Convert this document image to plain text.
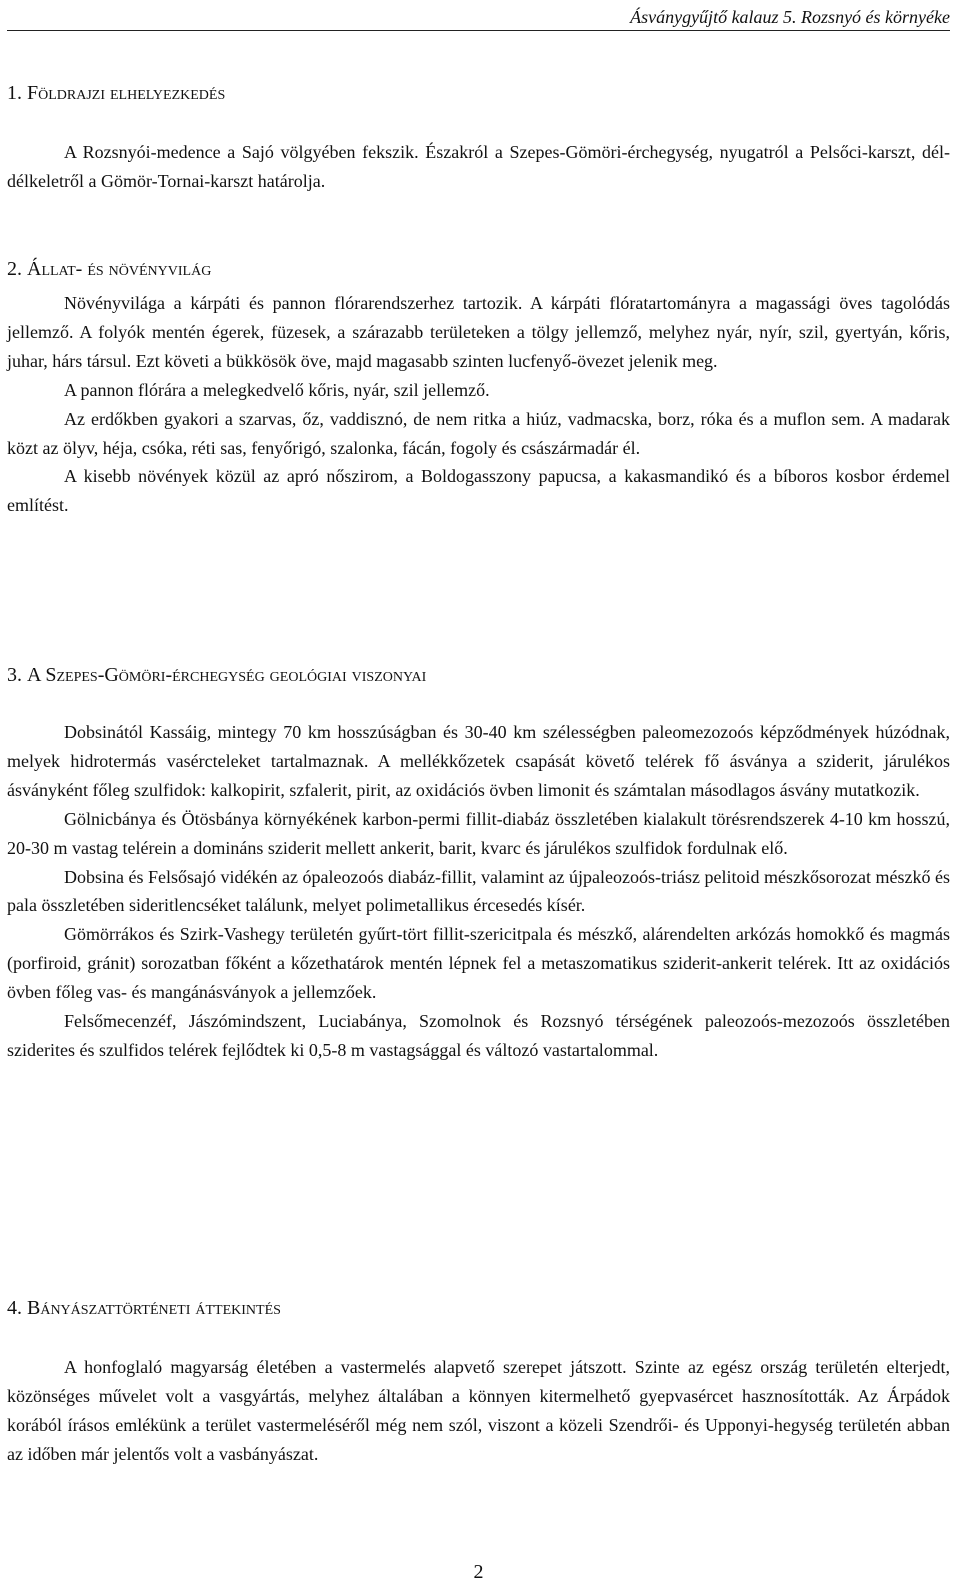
Ásványgyűjtő kalauz 5. Rozsnyó és környéke
1. Földrajzi elhelyezkedés

A Rozsnyói-medence a Sajó völgyében fekszik. Északról a Szepes-Gömöri-érchegység, nyugatról a Pelsőci-karszt, dél-délkeletről a Gömör-Tornai-karszt határolja.

2. Állat- és növényvilág

Növényvilága a kárpáti és pannon flórarendszerhez tartozik. A kárpáti flóratartományra a magassági öves tagolódás jellemző. A folyók mentén égerek, füzesek, a szárazabb területeken a tölgy jellemző, melyhez nyár, nyír, szil, gyertyán, kőris, juhar, hárs társul. Ezt követi a bükkösök öve, majd magasabb szinten lucfenyő-övezet jelenik meg.

A pannon flórára a melegkedvelő kőris, nyár, szil jellemző.

Az erdőkben gyakori a szarvas, őz, vaddisznó, de nem ritka a hiúz, vadmacska, borz, róka és a muflon sem. A madarak közt az ölyv, héja, csóka, réti sas, fenyőrigó, szalonka, fácán, fogoly és császármadár él.

A kisebb növények közül az apró nőszirom, a Boldogasszony papucsa, a kakasmandikó és a bíboros kosbor érdemel említést.

3. A Szepes-Gömöri-érchegység geológiai viszonyai

Dobsinától Kassáig, mintegy 70 km hosszúságban és 30-40 km szélességben paleomezozoós képződmények húzódnak, melyek hidrotermás vasércteleket tartalmaznak. A mellékkőzetek csapását követő telérek fő ásványa a sziderit, járulékos ásványként főleg szulfidok: kalkopirit, szfalerit, pirit, az oxidációs övben limonit és számtalan másodlagos ásvány mutatkozik.

Gölnicbánya és Ötösbánya környékének karbon-permi fillit-diabáz összletében kialakult törésrendszerek 4-10 km hosszú, 20-30 m vastag telérein a domináns sziderit mellett ankerit, barit, kvarc és járulékos szulfidok fordulnak elő.

Dobsina és Felsősajó vidékén az ópaleozoós diabáz-fillit, valamint az újpaleozoós-triász pelitoid mészkősorozat mészkő és pala összletében sideritlencséket találunk, melyet polimetallikus ércesedés kísér.

Gömörrákos és Szirk-Vashegy területén gyűrt-tört fillit-szericitpala és mészkő, alárendelten arkózás homokkő és magmás (porfiroid, gránit) sorozatban főként a kőzethatárok mentén lépnek fel a metaszomatikus sziderit-ankerit telérek. Itt az oxidációs övben főleg vas- és mangánásványok a jellemzőek.

Felsőmecenzéf, Jászómindszent, Luciabánya, Szomolnok és Rozsnyó térségének paleozoós-mezozoós összletében sziderites és szulfidos telérek fejlődtek ki 0,5-8 m vastagsággal és változó vastartalommal.

4. Bányászattörténeti áttekintés

A honfoglaló magyarság életében a vastermelés alapvető szerepet játszott. Szinte az egész ország területén elterjedt, közönséges művelet volt a vasgyártás, melyhez általában a könnyen kitermelhető gyepvasércet hasznosították. Az Árpádok korából írásos emlékünk a terület vastermeléséről még nem szól, viszont a közeli Szendrői- és Upponyi-hegység területén abban az időben már jelentős volt a vasbányászat.

2
